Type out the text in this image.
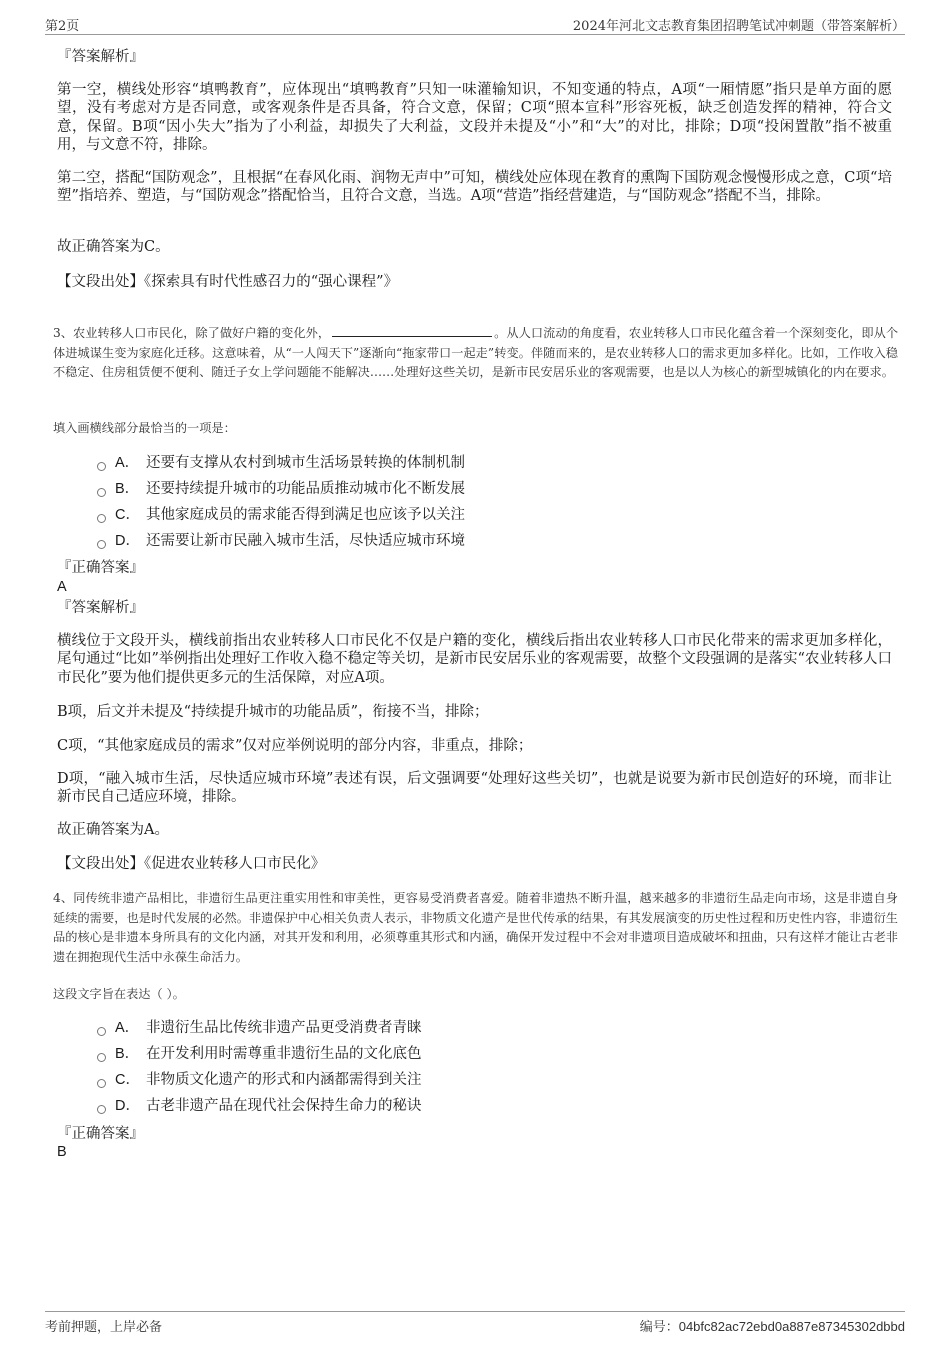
第2页	2024年河北文志教育集团招聘笔试冲刺题（带答案解析）
『答案解析』
第一空，横线处形容“填鸭教育”，应体现出“填鸭教育”只知一味灌输知识，不知变通的特点，A项“一厢情愿”指只是单方面的愿望，没有考虑对方是否同意，或客观条件是否具备，符合文意，保留；C项“照本宣科”形容死板，缺乏创造发挥的精神，符合文意，保留。B项“因小失大”指为了小利益，却损失了大利益，文段并未提及“小”和“大”的对比，排除；D项“投闲置散”指不被重用，与文意不符，排除。
第二空，搭配“国防观念”，且根据“在春风化雨、润物无声中”可知，横线处应体现在教育的熏陶下国防观念慢慢形成之意，C项“培塑”指培养、塑造，与“国防观念”搭配恰当，且符合文意，当选。A项“营造”指经营建造，与“国防观念”搭配不当，排除。
故正确答案为C。
【文段出处】《探索具有时代性感召力的“强心课程”》
3、农业转移人口市民化，除了做好户籍的变化外，	。从人口流动的角度看，农业转移人口市民化蕴含着一个深刻变化，即从个体进城谋生变为家庭化迁移。这意味着，从“一人闯天下”逐渐向“拖家带口一起走”转变。伴随而来的，是农业转移人口的需求更加多样化。比如，工作收入稳不稳定、住房租赁便不便利、随迁子女上学问题能不能解决……处理好这些关切，是新市民安居乐业的客观需要，也是以人为核心的新型城镇化的内在要求。
填入画横线部分最恰当的一项是：
A． 还要有支撑从农村到城市生活场景转换的体制机制
B． 还要持续提升城市的功能品质推动城市化不断发展
C． 其他家庭成员的需求能否得到满足也应该予以关注
D． 还需要让新市民融入城市生活，尽快适应城市环境
『正确答案』
A
『答案解析』
横线位于文段开头，横线前指出农业转移人口市民化不仅是户籍的变化，横线后指出农业转移人口市民化带来的需求更加多样化，尾句通过“比如”举例指出处理好工作收入稳不稳定等关切，是新市民安居乐业的客观需要，故整个文段强调的是落实“农业转移人口市民化”要为他们提供更多元的生活保障，对应A项。
B项，后文并未提及“持续提升城市的功能品质”，衔接不当，排除；
C项，“其他家庭成员的需求”仅对应举例说明的部分内容，非重点，排除；
D项，“融入城市生活，尽快适应城市环境”表述有误，后文强调要“处理好这些关切”，也就是说要为新市民创造好的环境，而非让新市民自己适应环境，排除。
故正确答案为A。
【文段出处】《促进农业转移人口市民化》
4、同传统非遗产品相比，非遗衍生品更注重实用性和审美性，更容易受消费者喜爱。随着非遗热不断升温，越来越多的非遗衍生品走向市场，这是非遗自身延续的需要，也是时代发展的必然。非遗保护中心相关负责人表示，非物质文化遗产是世代传承的结果，有其发展演变的历史性过程和历史性内容，非遗衍生品的核心是非遗本身所具有的文化内涵，对其开发和利用，必须尊重其形式和内涵，确保开发过程中不会对非遗项目造成破坏和扭曲，只有这样才能让古老非遗在拥抱现代生活中永葆生命活力。
这段文字旨在表达（ ）。
A． 非遗衍生品比传统非遗产品更受消费者青睐
B． 在开发利用时需尊重非遗衍生品的文化底色
C． 非物质文化遗产的形式和内涵都需得到关注
D． 古老非遗产品在现代社会保持生命力的秘诀
『正确答案』
B
考前押题，上岸必备	编号：04bfc82ac72ebd0a887e87345302dbbd
